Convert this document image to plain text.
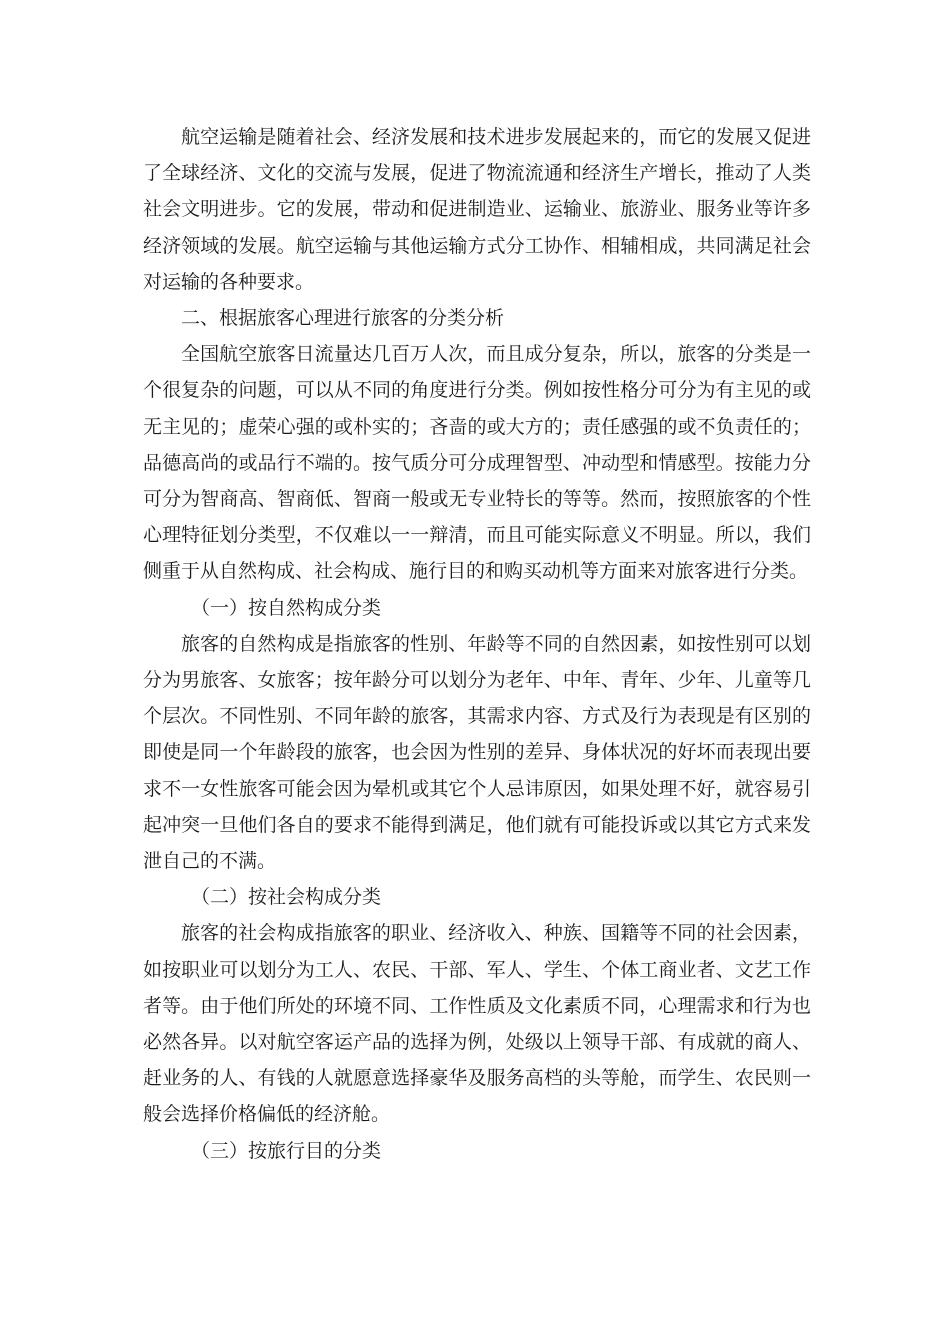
航空运输是随着社会、经济发展和技术进步发展起来的，而它的发展又促进了全球经济、文化的交流与发展，促进了物流流通和经济生产增长，推动了人类社会文明进步。它的发展，带动和促进制造业、运输业、旅游业、服务业等许多经济领域的发展。航空运输与其他运输方式分工协作、相辅相成，共同满足社会对运输的各种要求。

二、根据旅客心理进行旅客的分类分析

全国航空旅客日流量达几百万人次，而且成分复杂，所以，旅客的分类是一个很复杂的问题，可以从不同的角度进行分类。例如按性格分可分为有主见的或无主见的；虚荣心强的或朴实的；吝啬的或大方的；责任感强的或不负责任的；品德高尚的或品行不端的。按气质分可分成理智型、冲动型和情感型。按能力分可分为智商高、智商低、智商一般或无专业特长的等等。然而，按照旅客的个性心理特征划分类型，不仅难以一一辩清，而且可能实际意义不明显。所以，我们侧重于从自然构成、社会构成、施行目的和购买动机等方面来对旅客进行分类。

（一）按自然构成分类

旅客的自然构成是指旅客的性别、年龄等不同的自然因素，如按性别可以划分为男旅客、女旅客；按年龄分可以划分为老年、中年、青年、少年、儿童等几个层次。不同性别、不同年龄的旅客，其需求内容、方式及行为表现是有区别的即使是同一个年龄段的旅客，也会因为性别的差异、身体状况的好坏而表现出要求不一女性旅客可能会因为晕机或其它个人忌讳原因，如果处理不好，就容易引起冲突一旦他们各自的要求不能得到满足，他们就有可能投诉或以其它方式来发泄自己的不满。

（二）按社会构成分类

旅客的社会构成指旅客的职业、经济收入、种族、国籍等不同的社会因素，如按职业可以划分为工人、农民、干部、军人、学生、个体工商业者、文艺工作者等。由于他们所处的环境不同、工作性质及文化素质不同，心理需求和行为也必然各异。以对航空客运产品的选择为例，处级以上领导干部、有成就的商人、赶业务的人、有钱的人就愿意选择豪华及服务高档的头等舱，而学生、农民则一般会选择价格偏低的经济舱。

（三）按旅行目的分类
